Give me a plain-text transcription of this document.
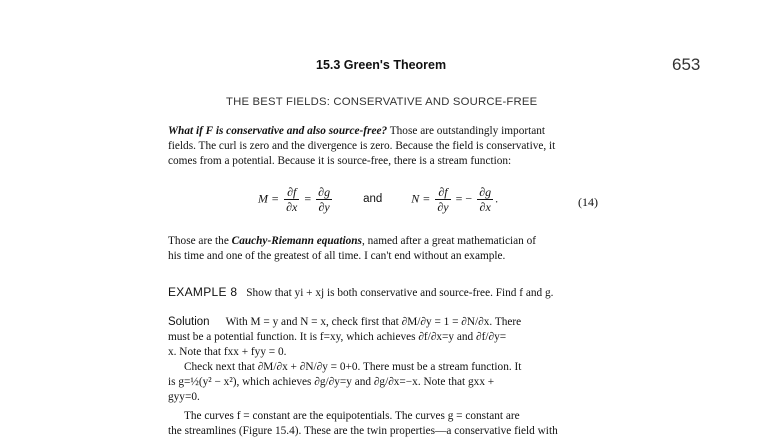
15.3 Green's Theorem	653
THE BEST FIELDS: CONSERVATIVE AND SOURCE-FREE
What if F is conservative and also source-free? Those are outstandingly important
fields. The curl is zero and the divergence is zero. Because the field is conservative, it
comes from a potential. Because it is source-free, there is a stream function:
$M = \frac{\partial f}{\partial x} = \frac{\partial g}{\partial y}$	and $N = \frac{\partial f}{\partial y}$ = − $\frac{\partial g}{\partial x}$ .	(14)
Those are the Cauchy-Riemann equations, named after a great mathematician of
his time and one of the greatest of all time. I can't end without an example.
EXAMPLE 8 Show that yi + xj is both conservative and source-free. Find f and g.
Solution With M = y and N = x, check first that ∂M/∂y = 1 = ∂N/∂x. There
must be a potential function. It is f=xy, which achieves ∂f/∂x=y and ∂f/∂y=
x. Note that fxx + fyy = 0.
Check next that ∂M/∂x + ∂N/∂y = 0+0. There must be a stream function. It
is g=½(y² − x²), which achieves ∂g/∂y=y and ∂g/∂x=−x. Note that gxx +
gyy=0.
The curves f = constant are the equipotentials. The curves g = constant are
the streamlines (Figure 15.4). These are the twin properties—a conservative field with
